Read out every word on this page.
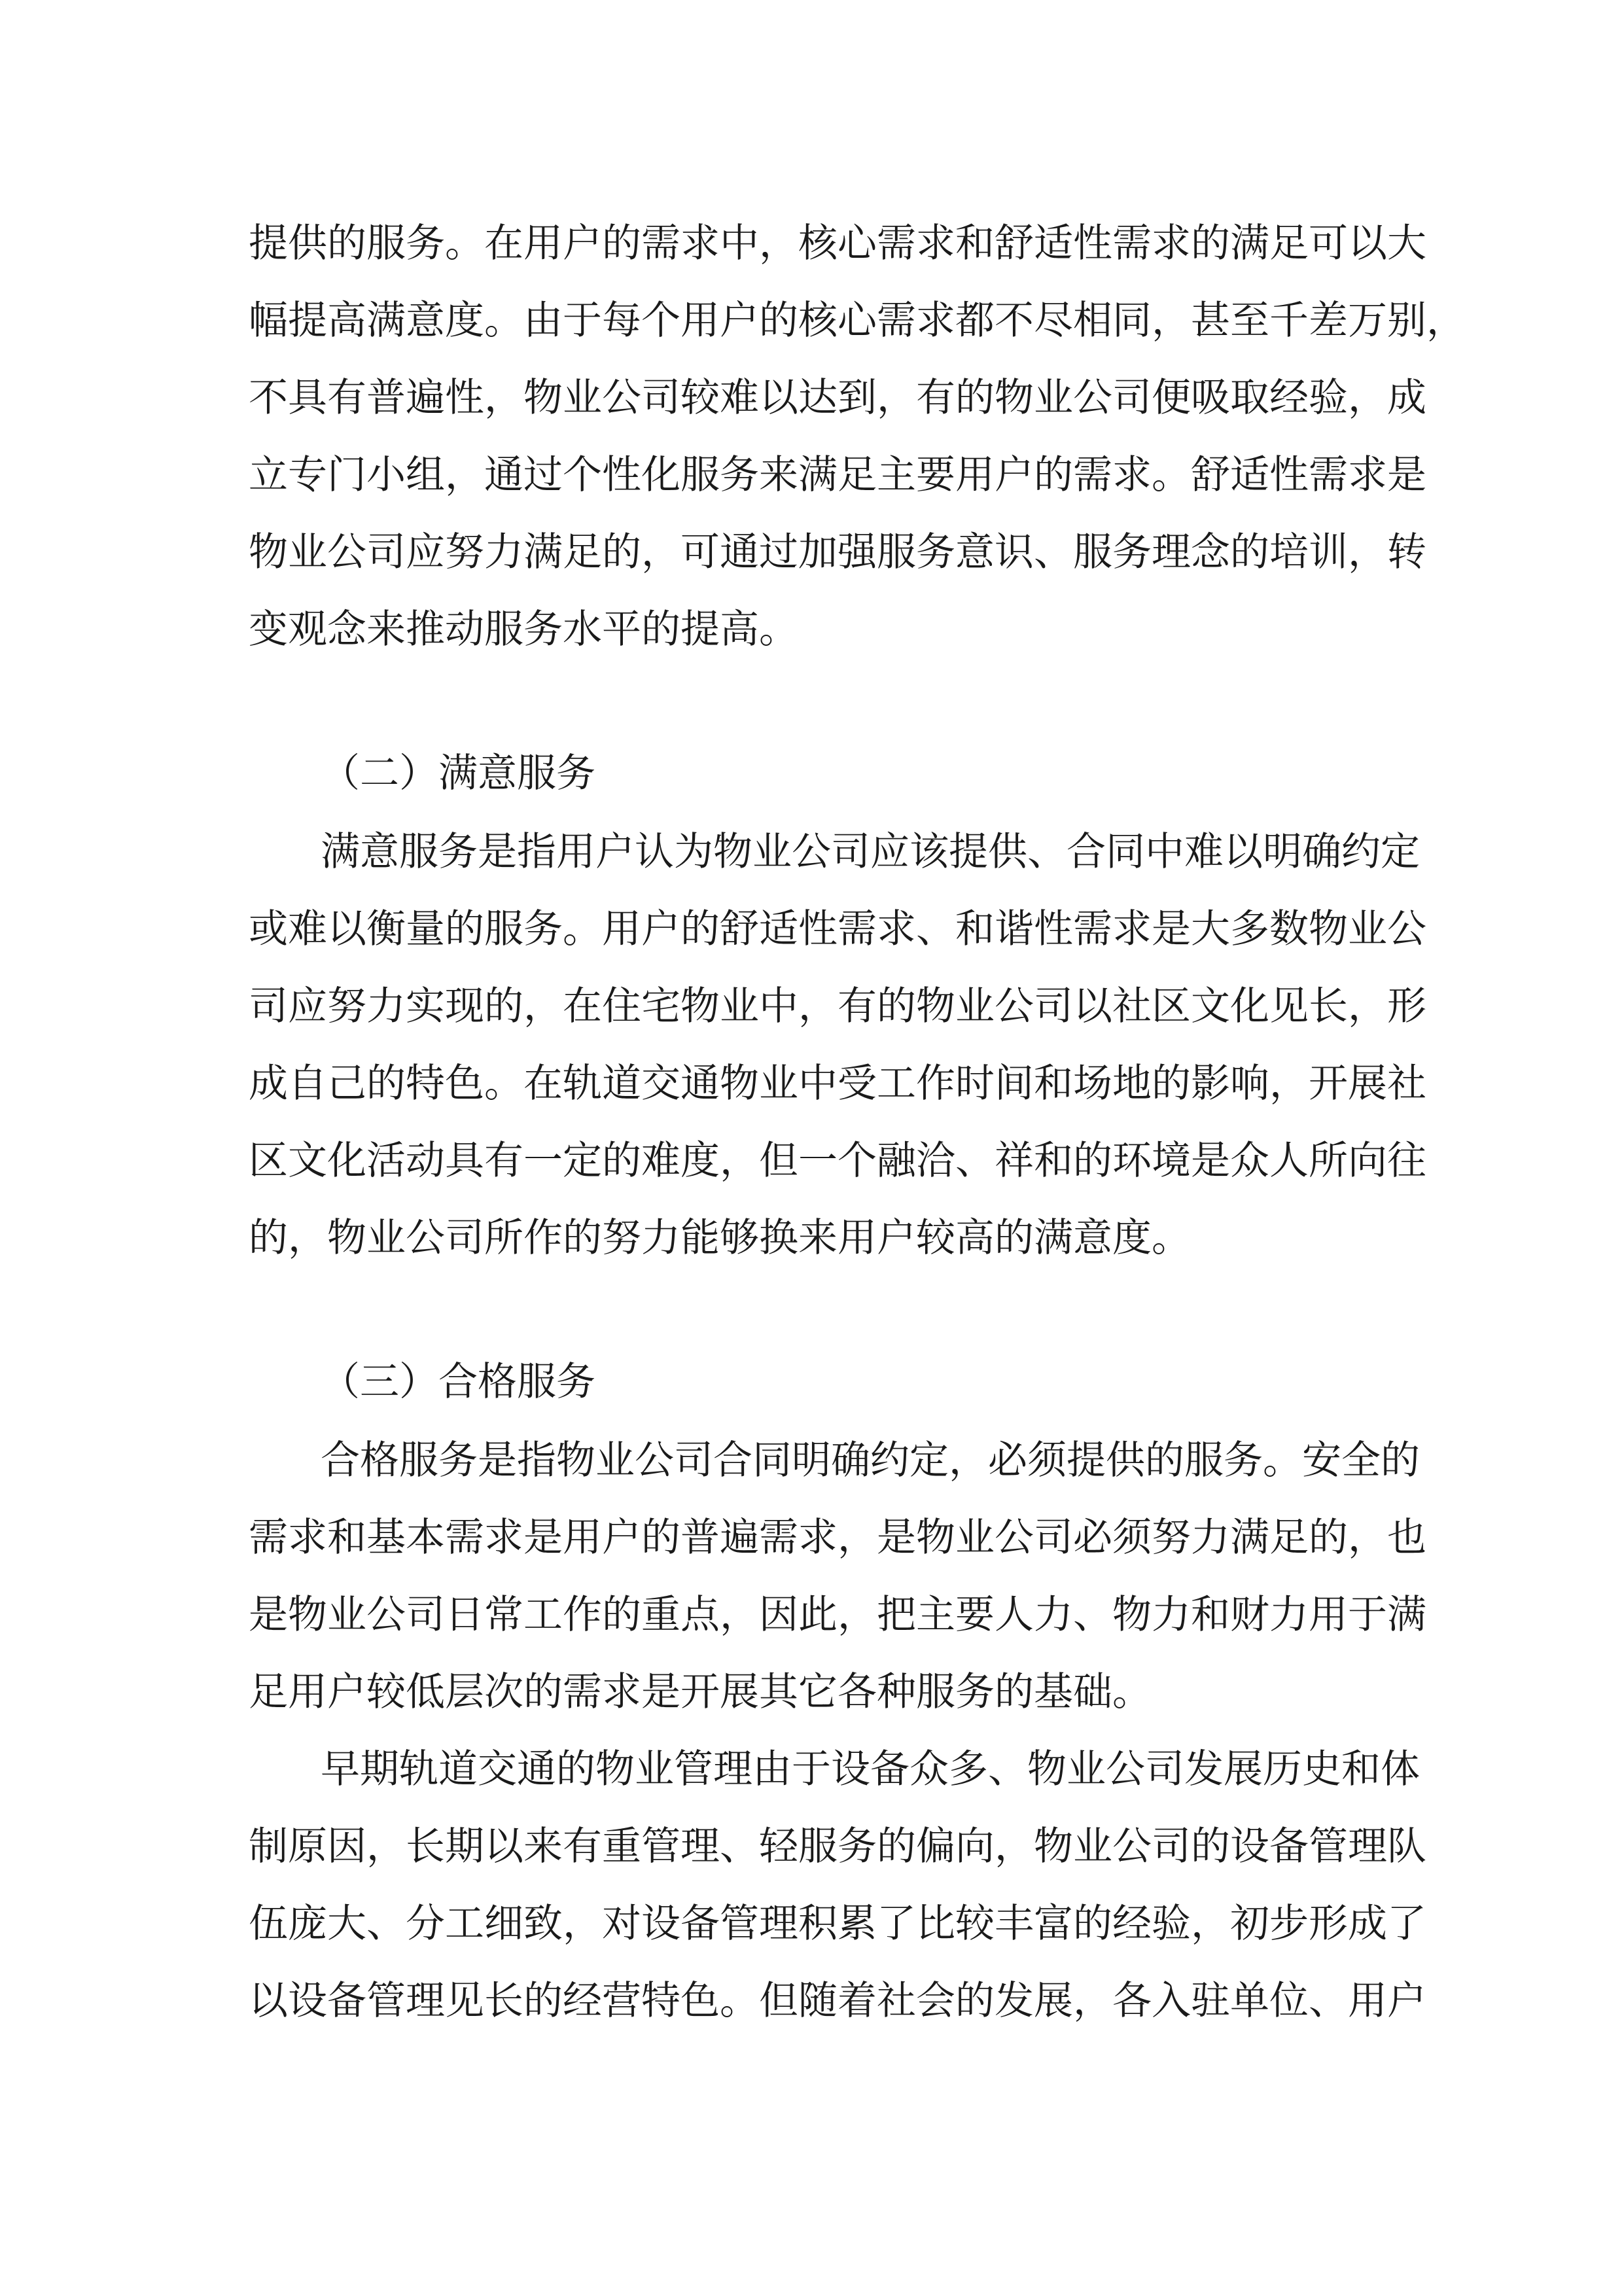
提 供 的 服 务 。 在 用 户 的 需 求 中 ， 核 心 需 求 和 舒 适 性 需 求 的 满 足 可 以 大
幅 提 高 满 意 度 。 由 于 每 个 用 户 的 核 心 需 求 都 不 尽 相 同 ， 甚 至 千 差 万 别 ，
不 具 有 普 遍 性 ， 物 业 公 司 较 难 以 达 到 ， 有 的 物 业 公 司 便 吸 取 经 验 ， 成
立 专 门 小 组 ， 通 过 个 性 化 服 务 来 满 足 主 要 用 户 的 需 求 。 舒 适 性 需 求 是
物 业 公 司 应 努 力 满 足 的 ， 可 通 过 加 强 服 务 意 识 、 服 务 理 念 的 培 训 ， 转
变观念来推动服务水平的提高。
（二）满意服务
满 意 服 务 是 指 用 户 认 为 物 业 公 司 应 该 提 供 、 合 同 中 难 以 明 确 约 定
或 难 以 衡 量 的 服 务 。 用 户 的 舒 适 性 需 求 、 和 谐 性 需 求 是 大 多 数 物 业 公
司 应 努 力 实 现 的 ， 在 住 宅 物 业 中 ， 有 的 物 业 公 司 以 社 区 文 化 见 长 ， 形
成 自 己 的 特 色 。 在 轨 道 交 通 物 业 中 受 工 作 时 间 和 场 地 的 影 响 ， 开 展 社
区 文 化 活 动 具 有 一 定 的 难 度 ， 但 一 个 融 洽 、 祥 和 的 环 境 是 众 人 所 向 往
的，物业公司所作的努力能够换来用户较高的满意度。
（三）合格服务
合 格 服 务 是 指 物 业 公 司 合 同 明 确 约 定 ， 必 须 提 供 的 服 务 。 安 全 的
需 求 和 基 本 需 求 是 用 户 的 普 遍 需 求 ， 是 物 业 公 司 必 须 努 力 满 足 的 ， 也
是 物 业 公 司 日 常 工 作 的 重 点 ， 因 此 ， 把 主 要 人 力 、 物 力 和 财 力 用 于 满
足用户较低层次的需求是开展其它各种服务的基础。
早 期 轨 道 交 通 的 物 业 管 理 由 于 设 备 众 多 、 物 业 公 司 发 展 历 史 和 体
制 原 因 ， 长 期 以 来 有 重 管 理 、 轻 服 务 的 偏 向 ， 物 业 公 司 的 设 备 管 理 队
伍 庞 大 、 分 工 细 致 ， 对 设 备 管 理 积 累 了 比 较 丰 富 的 经 验 ， 初 步 形 成 了
以 设 备 管 理 见 长 的 经 营 特 色 。 但 随 着 社 会 的 发 展 ， 各 入 驻 单 位 、 用 户
